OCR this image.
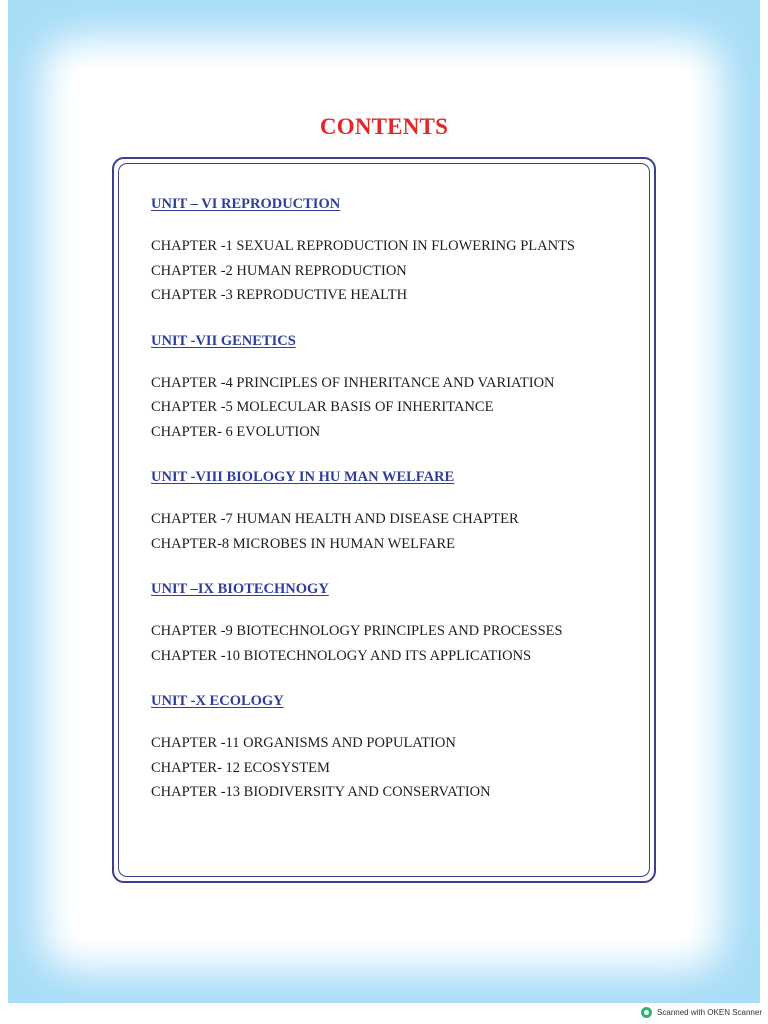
CONTENTS
UNIT – VI REPRODUCTION
CHAPTER -1 SEXUAL REPRODUCTION IN FLOWERING PLANTS
CHAPTER -2 HUMAN REPRODUCTION
CHAPTER -3 REPRODUCTIVE HEALTH
UNIT -VII GENETICS
CHAPTER -4 PRINCIPLES OF INHERITANCE AND VARIATION
CHAPTER -5 MOLECULAR BASIS OF INHERITANCE
CHAPTER- 6 EVOLUTION
UNIT -VIII BIOLOGY IN HU MAN WELFARE
CHAPTER -7 HUMAN HEALTH AND DISEASE CHAPTER
CHAPTER-8 MICROBES IN HUMAN WELFARE
UNIT –IX BIOTECHNOGY
CHAPTER -9 BIOTECHNOLOGY PRINCIPLES AND PROCESSES
CHAPTER -10 BIOTECHNOLOGY AND ITS APPLICATIONS
UNIT -X ECOLOGY
CHAPTER -11 ORGANISMS AND POPULATION
CHAPTER- 12 ECOSYSTEM
CHAPTER -13 BIODIVERSITY AND CONSERVATION
Scanned with OKEN Scanner
